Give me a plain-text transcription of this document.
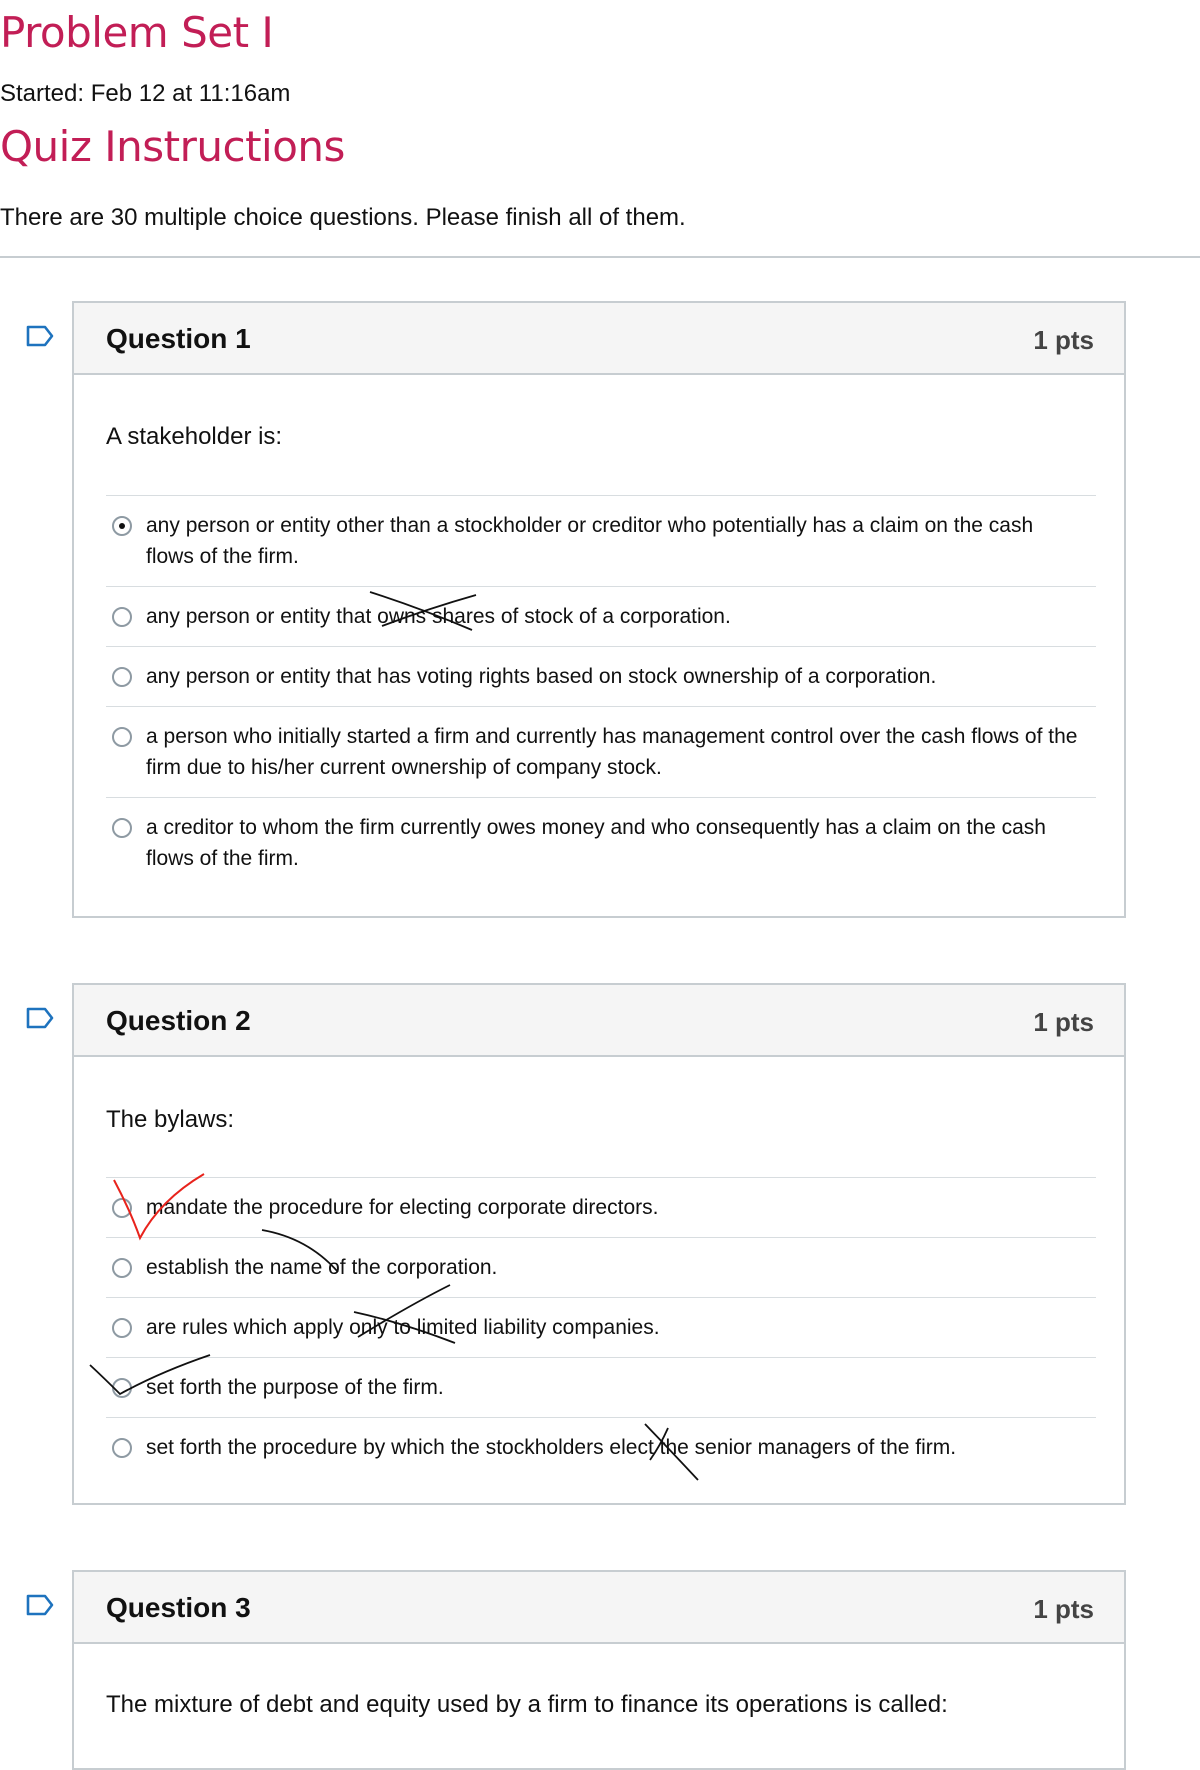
Problem Set I
Started: Feb 12 at 11:16am
Quiz Instructions
There are 30 multiple choice questions. Please finish all of them.
Question 1	1 pts
A stakeholder is:
any person or entity other than a stockholder or creditor who potentially has a claim on the cash flows of the firm.
any person or entity that owns shares of stock of a corporation.
any person or entity that has voting rights based on stock ownership of a corporation.
a person who initially started a firm and currently has management control over the cash flows of the firm due to his/her current ownership of company stock.
a creditor to whom the firm currently owes money and who consequently has a claim on the cash flows of the firm.
Question 2	1 pts
The bylaws:
mandate the procedure for electing corporate directors.
establish the name of the corporation.
are rules which apply only to limited liability companies.
set forth the purpose of the firm.
set forth the procedure by which the stockholders elect the senior managers of the firm.
Question 3	1 pts
The mixture of debt and equity used by a firm to finance its operations is called:
